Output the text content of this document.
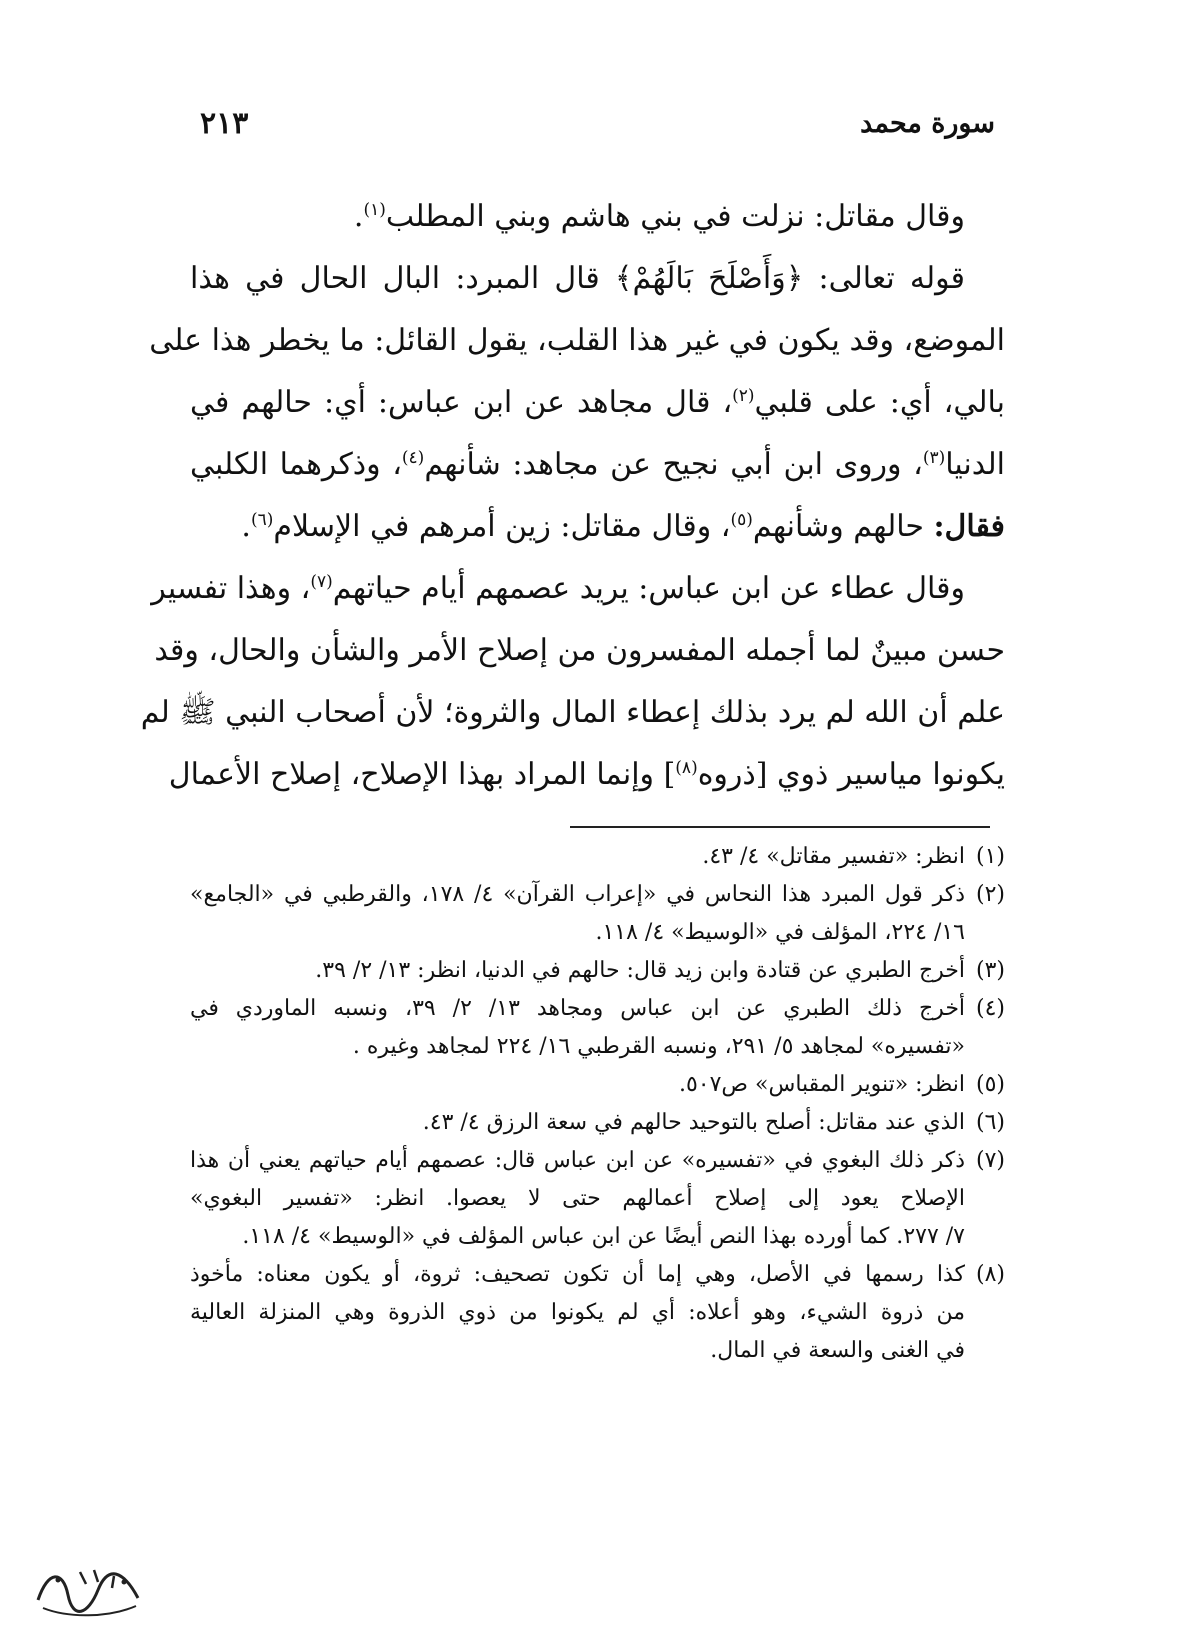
سورة محمد
٢١٣
وقال مقاتل: نزلت في بني هاشم وبني المطلب$^{(١)}$.
قوله تعالى: ﴿وَأَصْلَحَ بَالَهُمْ﴾ قال المبرد: البال الحال في هذا
الموضع، وقد يكون في غير هذا القلب، يقول القائل: ما يخطر هذا على
بالي، أي: على قلبي$^{(٢)}$، قال مجاهد عن ابن عباس: أي: حالهم في
الدنيا$^{(٣)}$، وروى ابن أبي نجيح عن مجاهد: شأنهم$^{(٤)}$، وذكرهما الكلبي
فقال: حالهم وشأنهم$^{(٥)}$، وقال مقاتل: زين أمرهم في الإسلام$^{(٦)}$.
وقال عطاء عن ابن عباس: يريد عصمهم أيام حياتهم$^{(٧)}$، وهذا تفسير
حسن مبينٌ لما أجمله المفسرون من إصلاح الأمر والشأن والحال، وقد
علم أن الله لم يرد بذلك إعطاء المال والثروة؛ لأن أصحاب النبي ﷺ لم
يكونوا مياسير ذوي [ذروه$^{(٨)}$] وإنما المراد بهذا الإصلاح، إصلاح الأعمال
(١)
انظر: «تفسير مقاتل» ٤/ ٤٣.
(٢)
ذكر قول المبرد هذا النحاس في «إعراب القرآن» ٤/ ١٧٨، والقرطبي في «الجامع»
١٦/ ٢٢٤، المؤلف في «الوسيط» ٤/ ١١٨.
(٣)
أخرج الطبري عن قتادة وابن زيد قال: حالهم في الدنيا، انظر: ١٣/ ٢/ ٣٩.
(٤)
أخرج ذلك الطبري عن ابن عباس ومجاهد ١٣/ ٢/ ٣٩، ونسبه الماوردي في
«تفسيره» لمجاهد ٥/ ٢٩١، ونسبه القرطبي ١٦/ ٢٢٤ لمجاهد وغيره .
(٥)
انظر: «تنوير المقباس» ص٥٠٧.
(٦)
الذي عند مقاتل: أصلح بالتوحيد حالهم في سعة الرزق ٤/ ٤٣.
(٧)
ذكر ذلك البغوي في «تفسيره» عن ابن عباس قال: عصمهم أيام حياتهم يعني أن هذا
الإصلاح يعود إلى إصلاح أعمالهم حتى لا يعصوا. انظر: «تفسير البغوي»
٧/ ٢٧٧. كما أورده بهذا النص أيضًا عن ابن عباس المؤلف في «الوسيط» ٤/ ١١٨.
(٨)
كذا رسمها في الأصل، وهي إما أن تكون تصحيف: ثروة، أو يكون معناه: مأخوذ
من ذروة الشيء، وهو أعلاه: أي لم يكونوا من ذوي الذروة وهي المنزلة العالية
في الغنى والسعة في المال.
